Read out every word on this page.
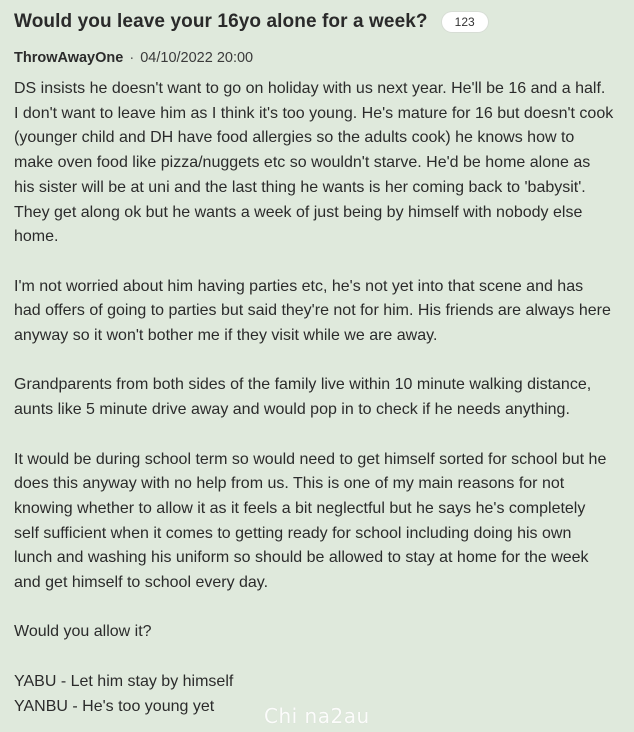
Would you leave your 16yo alone for a week?	123
ThrowAwayOne · 04/10/2022 20:00

DS insists he doesn't want to go on holiday with us next year. He'll be 16 and a half. I don't want to leave him as I think it's too young. He's mature for 16 but doesn't cook (younger child and DH have food allergies so the adults cook) he knows how to make oven food like pizza/nuggets etc so wouldn't starve. He'd be home alone as his sister will be at uni and the last thing he wants is her coming back to 'babysit'. They get along ok but he wants a week of just being by himself with nobody else home.

I'm not worried about him having parties etc, he's not yet into that scene and has had offers of going to parties but said they're not for him. His friends are always here anyway so it won't bother me if they visit while we are away.

Grandparents from both sides of the family live within 10 minute walking distance, aunts like 5 minute drive away and would pop in to check if he needs anything.

It would be during school term so would need to get himself sorted for school but he does this anyway with no help from us. This is one of my main reasons for not knowing whether to allow it as it feels a bit neglectful but he says he's completely self sufficient when it comes to getting ready for school including doing his own lunch and washing his uniform so should be allowed to stay at home for the week and get himself to school every day.

Would you allow it?

YABU - Let him stay by himself

YANBU - He's too young yet	Chi na2au
